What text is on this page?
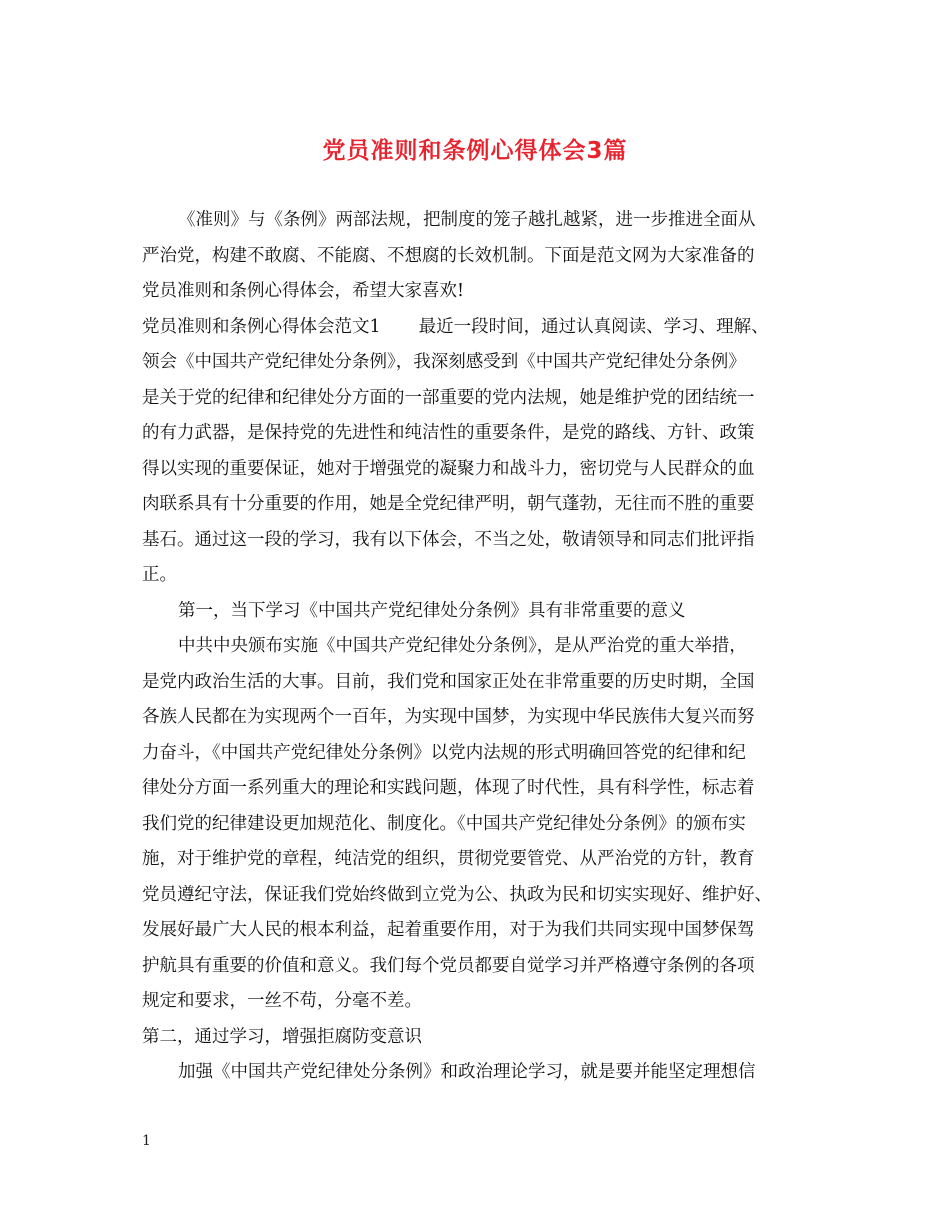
党员准则和条例心得体会3篇
《准则》与《条例》两部法规，把制度的笼子越扎越紧，进一步推进全面从
严治党，构建不敢腐、不能腐、不想腐的长效机制。下面是范文网为大家准备的
党员准则和条例心得体会，希望大家喜欢!
党员准则和条例心得体会范文1 最近一段时间，通过认真阅读、学习、理解、
领会《中国共产党纪律处分条例》，我深刻感受到《中国共产党纪律处分条例》
是关于党的纪律和纪律处分方面的一部重要的党内法规，她是维护党的团结统一
的有力武器，是保持党的先进性和纯洁性的重要条件，是党的路线、方针、政策
得以实现的重要保证，她对于增强党的凝聚力和战斗力，密切党与人民群众的血
肉联系具有十分重要的作用，她是全党纪律严明，朝气蓬勃，无往而不胜的重要
基石。通过这一段的学习，我有以下体会，不当之处，敬请领导和同志们批评指
正。
第一，当下学习《中国共产党纪律处分条例》具有非常重要的意义
中共中央颁布实施《中国共产党纪律处分条例》，是从严治党的重大举措，
是党内政治生活的大事。目前，我们党和国家正处在非常重要的历史时期，全国
各族人民都在为实现两个一百年，为实现中国梦，为实现中华民族伟大复兴而努
力奋斗，《中国共产党纪律处分条例》以党内法规的形式明确回答党的纪律和纪
律处分方面一系列重大的理论和实践问题，体现了时代性，具有科学性，标志着
我们党的纪律建设更加规范化、制度化。《中国共产党纪律处分条例》的颁布实
施，对于维护党的章程，纯洁党的组织，贯彻党要管党、从严治党的方针，教育
党员遵纪守法，保证我们党始终做到立党为公、执政为民和切实实现好、维护好、
发展好最广大人民的根本利益，起着重要作用，对于为我们共同实现中国梦保驾
护航具有重要的价值和意义。我们每个党员都要自觉学习并严格遵守条例的各项
规定和要求，一丝不苟，分毫不差。
第二，通过学习，增强拒腐防变意识
加强《中国共产党纪律处分条例》和政治理论学习，就是要并能坚定理想信
1
